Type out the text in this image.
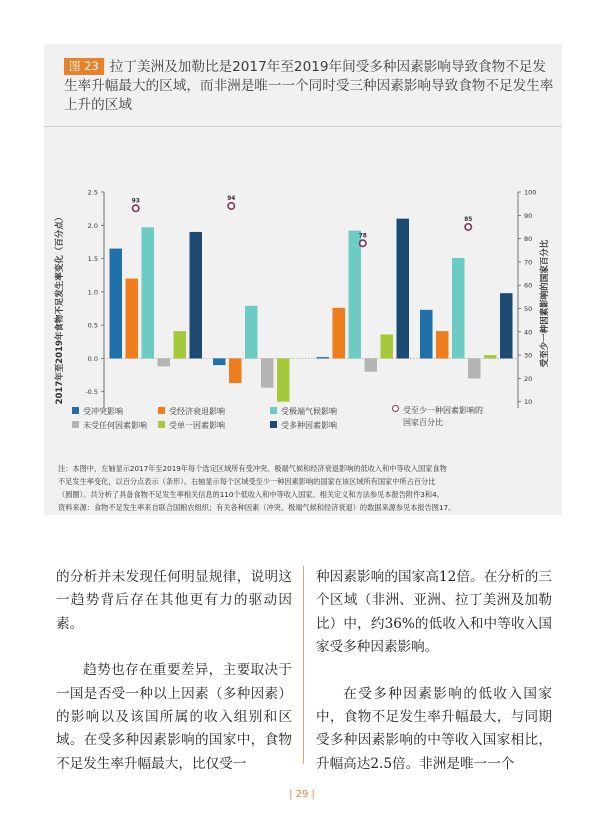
图 23 拉丁美洲及加勒比是2017年至2019年间受多种因素影响导致食物不足发生率升幅最大的区域，而非洲是唯一一个同时受三种因素影响导致食物不足发生率上升的区域
2.5
2.0
1.5
1.0
0.5
0.0
-0.5
100
90
80
70
60
50
40
30
20
10
2017年至2019年食物不足发生率变化（百分点）	受至少一种因素影响的国家百分比
93	94
78
85
受冲突影响	受经济衰退影响	受极端气候影响	受至少一种因素影响的
国家百分比
未受任何因素影响	受单一因素影响	受多种因素影响
注：本图中，左轴显示2017年至2019年每个选定区域所有受冲突、极端气候和经济衰退影响的低收入和中等收入国家食物
不足发生率变化，以百分点表示（条形）。右轴显示每个区域受至少一种因素影响的国家在该区域所有国家中所占百分比
（圆圈）。共分析了具备食物不足发生率相关信息的110个低收入和中等收入国家。相关定义和方法参见本报告附件3和4。
资料来源：食物不足发生率来自联合国粮农组织；有关各种因素（冲突、极端气候和经济衰退）的数据来源参见本报告图17。

的分析并未发现任何明显规律，说明这一趋势背后存在其他更有力的驱动因素。

趋势也存在重要差异，主要取决于一国是否受一种以上因素（多种因素）的影响以及该国所属的收入组别和区域。在受多种因素影响的国家中，食物不足发生率升幅最大，比仅受一

种因素影响的国家高12倍。在分析的三个区域（非洲、亚洲、拉丁美洲及加勒比）中，约36%的低收入和中等收入国家受多种因素影响。

在受多种因素影响的低收入国家中，食物不足发生率升幅最大，与同期受多种因素影响的中等收入国家相比，升幅高达2.5倍。非洲是唯一一个

| 29 |
